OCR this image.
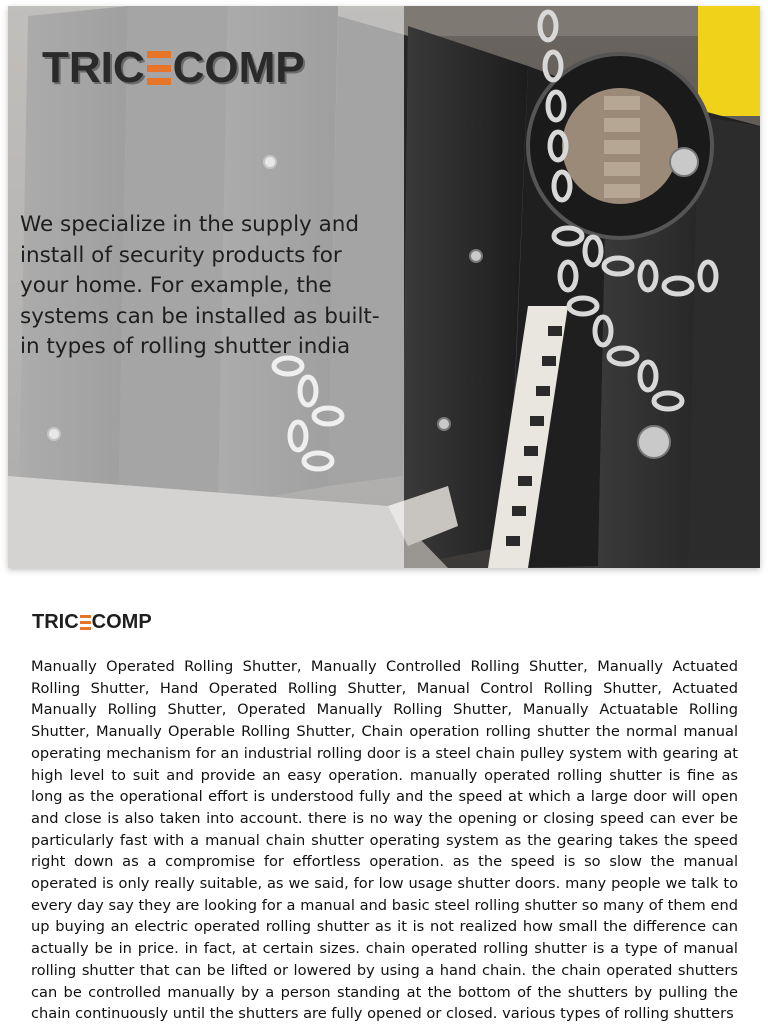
TRIC COMP

We specialize in the supply and install of security products for your home. For example, the systems can be installed as built-in types of rolling shutter india

TRIC COMP

Manually Operated Rolling Shutter, Manually Controlled Rolling Shutter, Manually Actuated Rolling Shutter, Hand Operated Rolling Shutter, Manual Control Rolling Shutter, Actuated Manually Rolling Shutter, Operated Manually Rolling Shutter, Manually Actuatable Rolling Shutter, Manually Operable Rolling Shutter, Chain operation rolling shutter the normal manual operating mechanism for an industrial rolling door is a steel chain pulley system with gearing at high level to suit and provide an easy operation. manually operated rolling shutter is fine as long as the operational effort is understood fully and the speed at which a large door will open and close is also taken into account. there is no way the opening or closing speed can ever be particularly fast with a manual chain shutter operating system as the gearing takes the speed right down as a compromise for effortless operation. as the speed is so slow the manual operated is only really suitable, as we said, for low usage shutter doors. many people we talk to every day say they are looking for a manual and basic steel rolling shutter so many of them end up buying an electric operated rolling shutter as it is not realized how small the difference can actually be in price. in fact, at certain sizes. chain operated rolling shutter is a type of manual rolling shutter that can be lifted or lowered by using a hand chain. the chain operated shutters can be controlled manually by a person standing at the bottom of the shutters by pulling the chain continuously until the shutters are fully opened or closed. various types of rolling shutters
